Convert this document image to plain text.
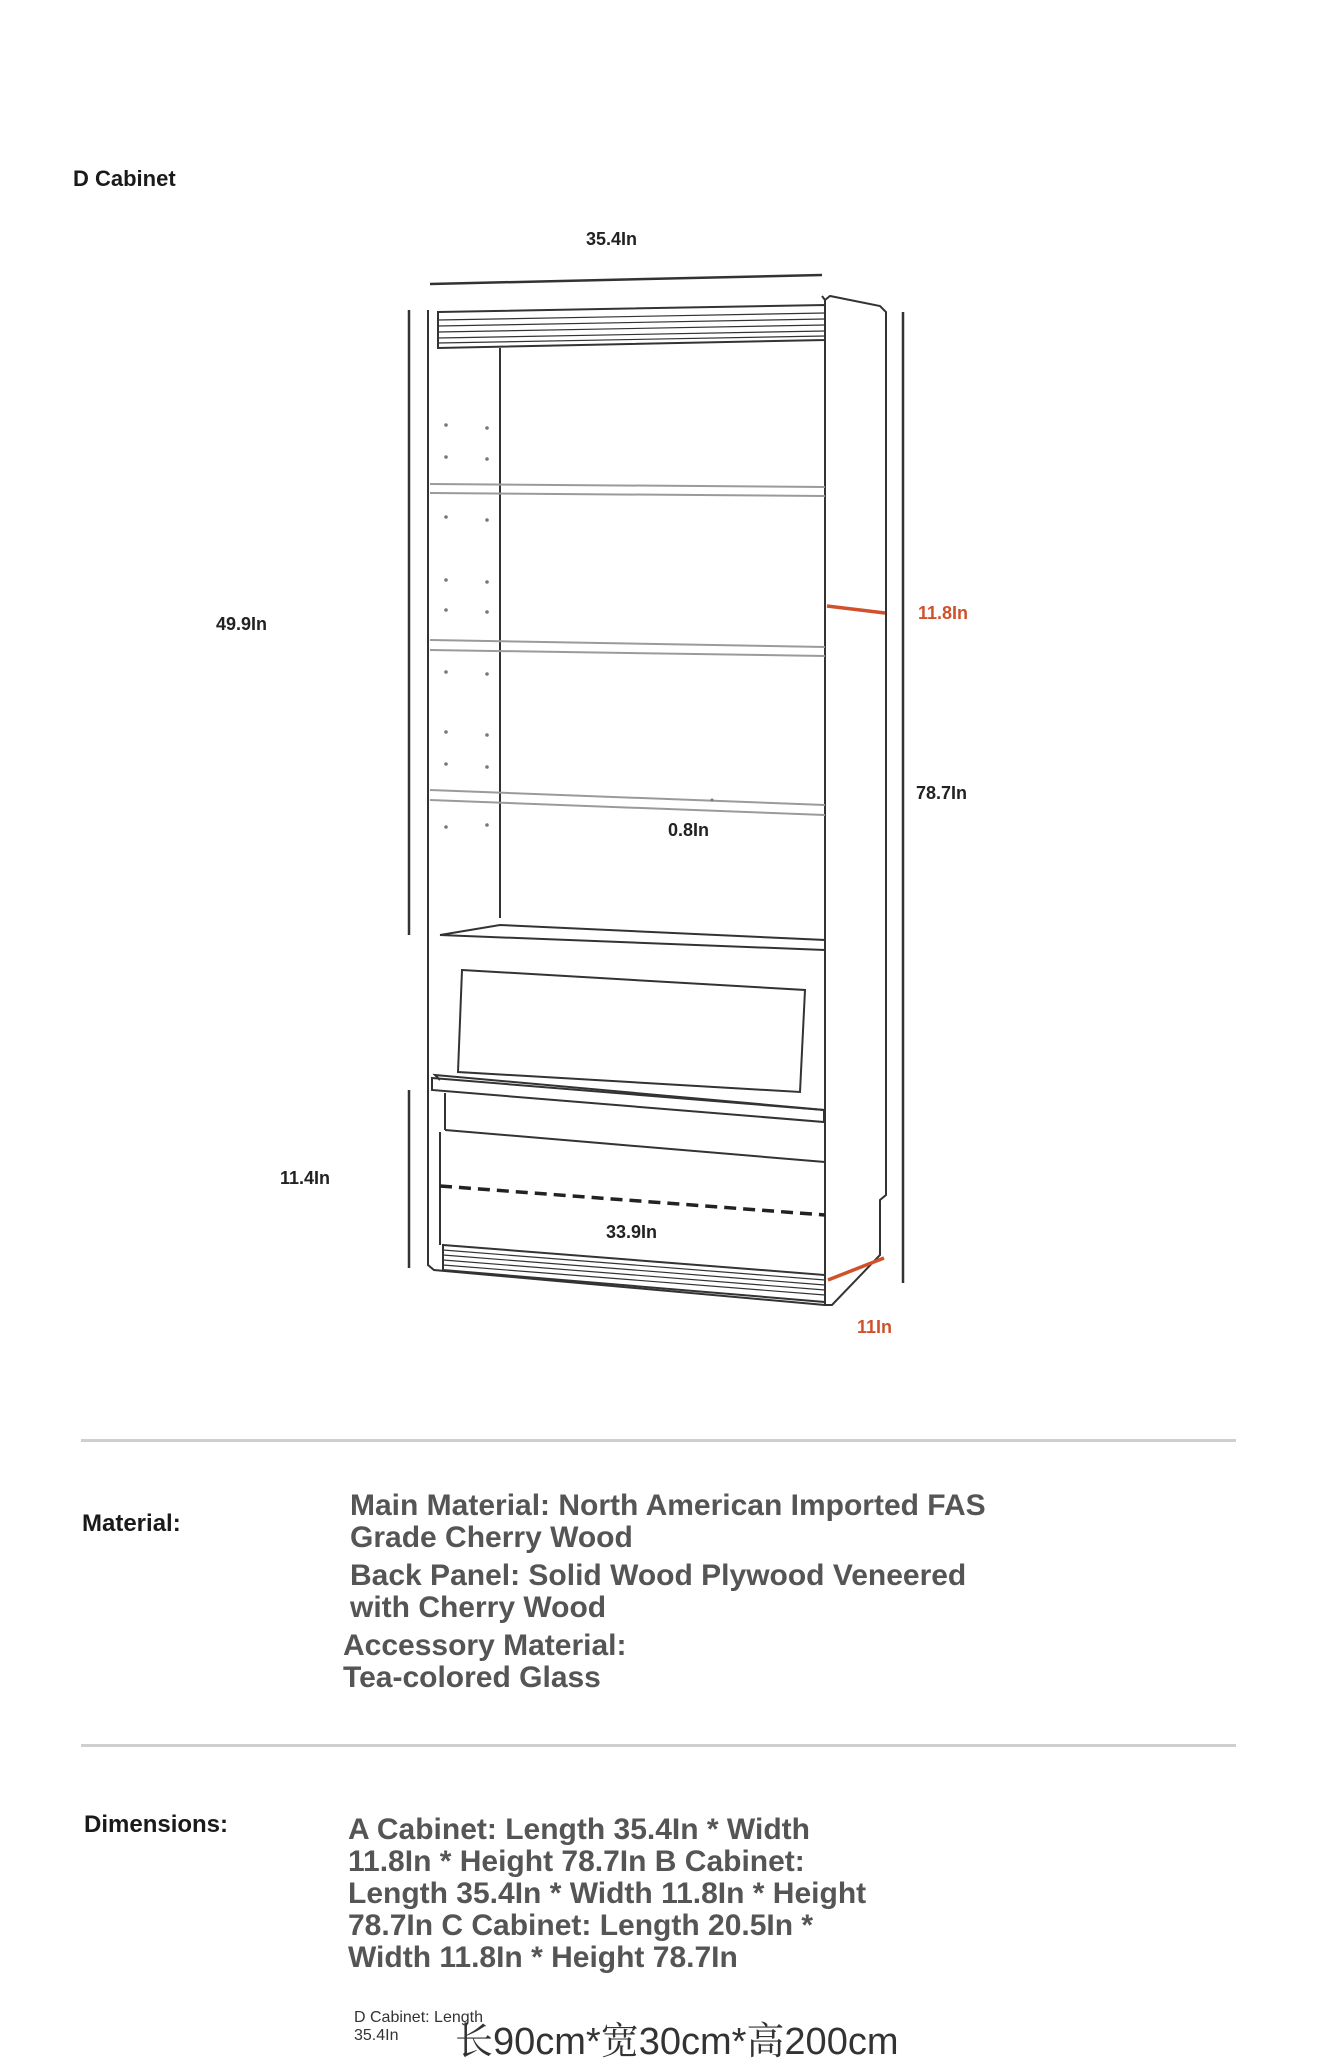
D Cabinet
35.4In
49.9In
11.8In
78.7In
0.8In
11.4In
33.9In
11In
Material:
Main Material: North American Imported FAS Grade Cherry Wood
Back Panel: Solid Wood Plywood Veneered with Cherry Wood
Accessory Material: Tea-colored Glass
Dimensions:	A Cabinet: Length 35.4In * Width 11.8In * Height 78.7In B Cabinet: Length 35.4In * Width 11.8In * Height 78.7In C Cabinet: Length 20.5In * Width 11.8In * Height 78.7In
D Cabinet: Length 35.4In	长90cm*宽30cm*高200cm
